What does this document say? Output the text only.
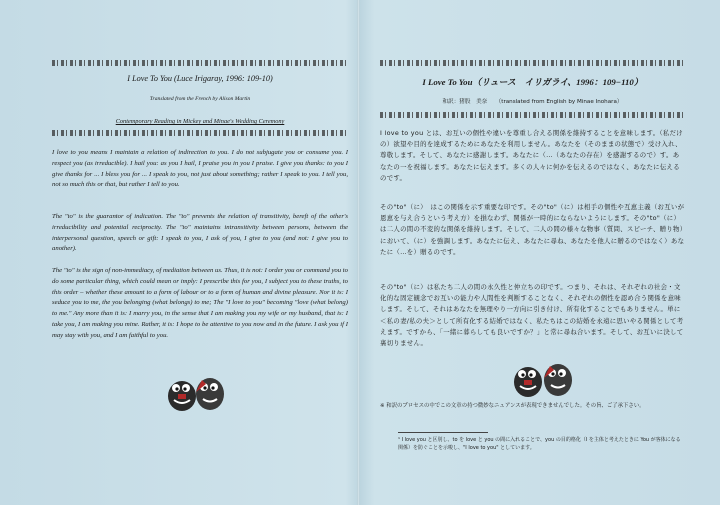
I Love To You (Luce Irigaray, 1996: 109-10)
Translated from the French by Alison Martin
Contemporary Reading in Mickey and Minae's Wedding Ceremony

I love to you means I maintain a relation of indirection to you. I do not subjugate you or consume you. I respect you (as irreducible). I hail you: as you I hail, I praise you in you I praise. I give you thanks: to you I give thanks for ... I bless you for ... I speak to you, not just about something; rather I speak to you. I tell you, not so much this or that, but rather I tell to you.

The "to" is the guarantor of indication. The "to" prevents the relation of transitivity, bereft of the other's irreducibility and potential reciprocity. The "to" maintains intransitivity between persons, between the interpersonal question, speech or gift: I speak to you, I ask of you, I give to you (and not: I give you to another).

The "to" is the sign of non-immediacy, of mediation between us. Thus, it is not: I order you or command you to do some particular thing, which could mean or imply: I prescribe this for you, I subject you to these truths, to this order – whether these amount to a form of labour or to a form of human and divine pleasure. Nor it is: I seduce you to me, the you belonging (what belongs) to me; The "I love to you" becoming "love (what belong) to me." Any more than it is: I marry you, in the sense that I am making you my wife or my husband, that is: I take you, I am making you mine. Rather, it is: I hope to be attentive to you now and in the future. I ask you if I may stay with you, and I am faithful to you.

I Love To You（リュース　イリガライ、1996：109−110）
和訳：猪股　美奈　　（translated from English by Minae Inohara）

I love to you とは、お互いの個性や違いを尊重し合える関係を維持することを意味します。（私だけの）欲望や目的を達成するためにあなたを利用しません。あなたを（そのままの状態で）受け入れ、尊敬します。そして、あなたに感謝します。あなたに（…（あなたの存在）を感謝するので）す。あなたの一を祝福します。あなたに伝えます。多くの人々に何かを伝えるのではなく、あなたに伝えるのです。

その"to"（に）　はこの関係を示す重要な印です。その"to"（に）は相手の個性や互恵主義（お互いが恩恵を与え合うという考え方）を損なわず、関係が一時的にならないようにします。その"to"（に）は二人の間の不変的な関係を維持します。そして、二人の間の様々な物事（質問、スピーチ、贈り物）において、（に）を強調します。あなたに伝え、あなたに尋ね、あなたを他人に贈るのではなく）あなたに（…を）贈るのです。

その"to"（に）は私たち二人の間の永久性と仲立ちの印です。つまり、それは、それぞれの社会・文化的な固定観念でお互いの能力や人間性を判断することなく、それぞれの個性を認め合う関係を意味します。そして、それはあなたを無理やり一方向に引き付け、所有化することでもありません。単に＜私の妻/私の夫＞として所有化する結婚ではなく、私たちはこの結婚を永遠に思いやる関係として考えます。ですから、「一緒に暮らしても良いですか？」と常に尋ね合います。そして、お互いに決して裏切りません。

※ 和訳のプロセスの中でこの文章の持つ微妙なニュアンスが表現できませんでした。その旨、ご了承下さい。

¹ I love you と区別し、to を love と you の間に入れることで、you の目的格化（I を主体と考えたときに You が客体になる関係）を防ぐことを示唆し、"I love to you" としています。
